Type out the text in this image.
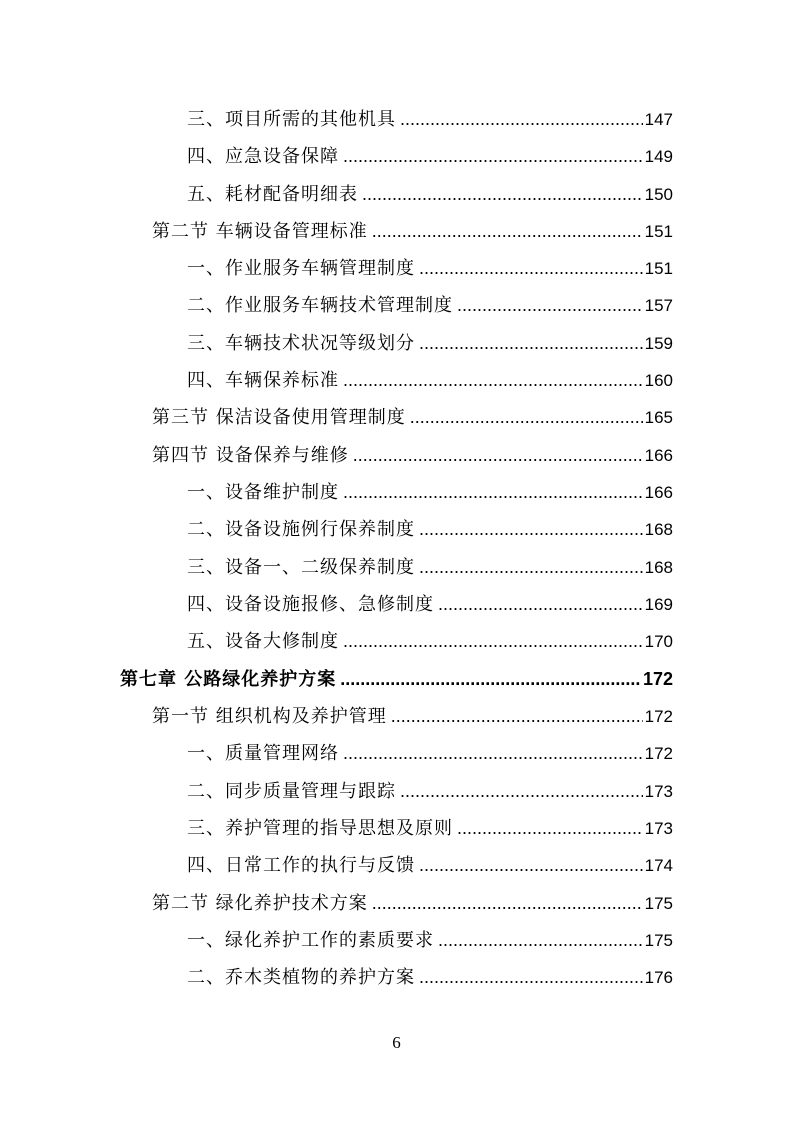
三、项目所需的其他机具 .....	147
四、应急设备保障 .....	149
五、耗材配备明细表 .....	150
第二节 车辆设备管理标准 .....	151
一、作业服务车辆管理制度 .....	151
二、作业服务车辆技术管理制度 .....	157
三、车辆技术状况等级划分 .....	159
四、车辆保养标准 .....	160
第三节 保洁设备使用管理制度 .....	165
第四节 设备保养与维修 .....	166
一、设备维护制度 .....	166
二、设备设施例行保养制度 .....	168
三、设备一、二级保养制度 .....	168
四、设备设施报修、急修制度 .....	169
五、设备大修制度 .....	170
第七章 公路绿化养护方案 .....	172
第一节 组织机构及养护管理 .....	172
一、质量管理网络 .....	172
二、同步质量管理与跟踪 .....	173
三、养护管理的指导思想及原则 .....	173
四、日常工作的执行与反馈 .....	174
第二节 绿化养护技术方案 .....	175
一、绿化养护工作的素质要求 .....	175
二、乔木类植物的养护方案 .....	176
6
